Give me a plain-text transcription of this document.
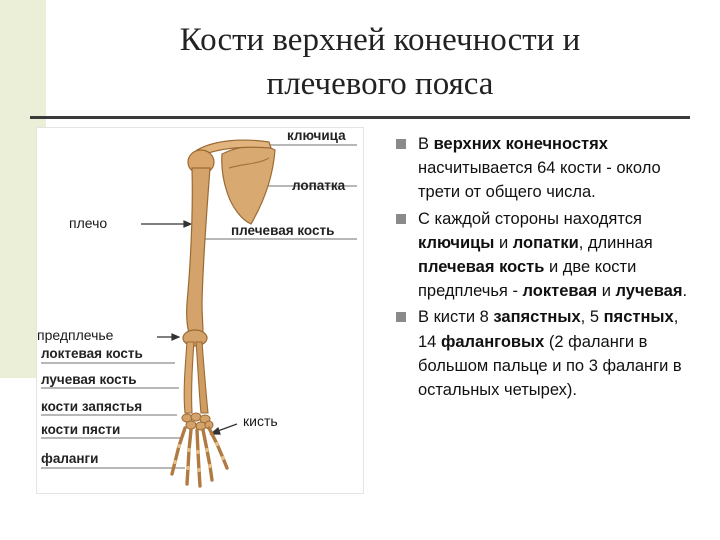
Кости верхней конечности и
плечевого пояса
ключица
лопатка
плечевая кость
плечо
предплечье
локтевая кость
лучевая кость
кости запястья
кости пясти
фаланги
кисть
В верхних конечностях насчитывается 64 кости - около трети от общего числа.
С каждой стороны находятся ключицы и лопатки, длинная плечевая кость и две кости предплечья - локтевая и лучевая.
В кисти 8 запястных, 5 пястных, 14 фаланговых (2 фаланги в большом пальце и по 3 фаланги в остальных четырех).
